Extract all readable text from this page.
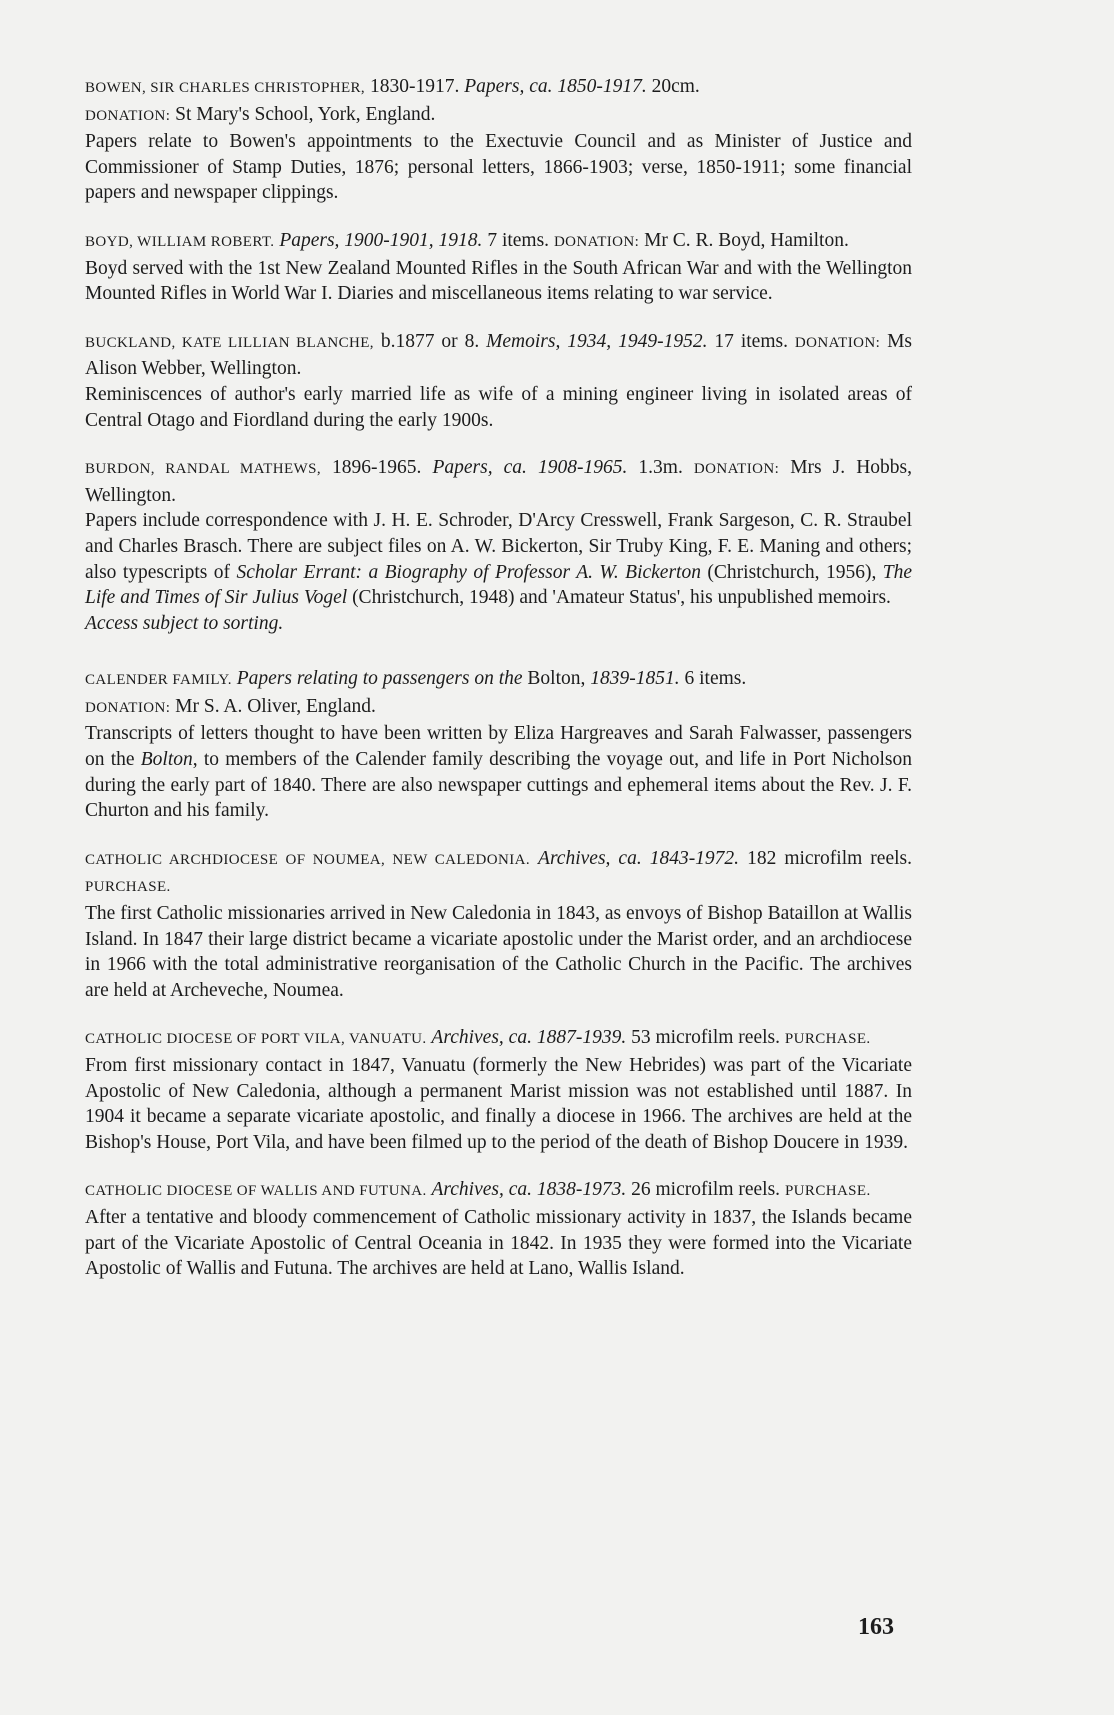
BOWEN, SIR CHARLES CHRISTOPHER, 1830-1917. Papers, ca. 1850-1917. 20cm.

DONATION: St Mary's School, York, England.

Papers relate to Bowen's appointments to the Exectuvie Council and as Minister of Justice and Commissioner of Stamp Duties, 1876; personal letters, 1866-1903; verse, 1850-1911; some financial papers and newspaper clippings.

BOYD, WILLIAM ROBERT. Papers, 1900-1901, 1918. 7 items. DONATION: Mr C. R. Boyd, Hamilton.

Boyd served with the 1st New Zealand Mounted Rifles in the South African War and with the Wellington Mounted Rifles in World War I. Diaries and miscellaneous items relating to war service.

BUCKLAND, KATE LILLIAN BLANCHE, b.1877 or 8. Memoirs, 1934, 1949-1952. 17 items. DONATION: Ms Alison Webber, Wellington.

Reminiscences of author's early married life as wife of a mining engineer living in isolated areas of Central Otago and Fiordland during the early 1900s.

BURDON, RANDAL MATHEWS, 1896-1965. Papers, ca. 1908-1965. 1.3m. DONATION: Mrs J. Hobbs, Wellington.

Papers include correspondence with J. H. E. Schroder, D'Arcy Cresswell, Frank Sargeson, C. R. Straubel and Charles Brasch. There are subject files on A. W. Bickerton, Sir Truby King, F. E. Maning and others; also typescripts of Scholar Errant: a Biography of Professor A. W. Bickerton (Christchurch, 1956), The Life and Times of Sir Julius Vogel (Christchurch, 1948) and 'Amateur Status', his unpublished memoirs.

Access subject to sorting.

CALENDER FAMILY. Papers relating to passengers on the Bolton, 1839-1851. 6 items.

DONATION: Mr S. A. Oliver, England.

Transcripts of letters thought to have been written by Eliza Hargreaves and Sarah Falwasser, passengers on the Bolton, to members of the Calender family describing the voyage out, and life in Port Nicholson during the early part of 1840. There are also newspaper cuttings and ephemeral items about the Rev. J. F. Churton and his family.

CATHOLIC ARCHDIOCESE OF NOUMEA, NEW CALEDONIA. Archives, ca. 1843-1972. 182 microfilm reels. PURCHASE.

The first Catholic missionaries arrived in New Caledonia in 1843, as envoys of Bishop Bataillon at Wallis Island. In 1847 their large district became a vicariate apostolic under the Marist order, and an archdiocese in 1966 with the total administrative reorganisation of the Catholic Church in the Pacific. The archives are held at Archeveche, Noumea.

CATHOLIC DIOCESE OF PORT VILA, VANUATU. Archives, ca. 1887-1939. 53 microfilm reels. PURCHASE.

From first missionary contact in 1847, Vanuatu (formerly the New Hebrides) was part of the Vicariate Apostolic of New Caledonia, although a permanent Marist mission was not established until 1887. In 1904 it became a separate vicariate apostolic, and finally a diocese in 1966. The archives are held at the Bishop's House, Port Vila, and have been filmed up to the period of the death of Bishop Doucere in 1939.

CATHOLIC DIOCESE OF WALLIS AND FUTUNA. Archives, ca. 1838-1973. 26 microfilm reels. PURCHASE.

After a tentative and bloody commencement of Catholic missionary activity in 1837, the Islands became part of the Vicariate Apostolic of Central Oceania in 1842. In 1935 they were formed into the Vicariate Apostolic of Wallis and Futuna. The archives are held at Lano, Wallis Island.

163
